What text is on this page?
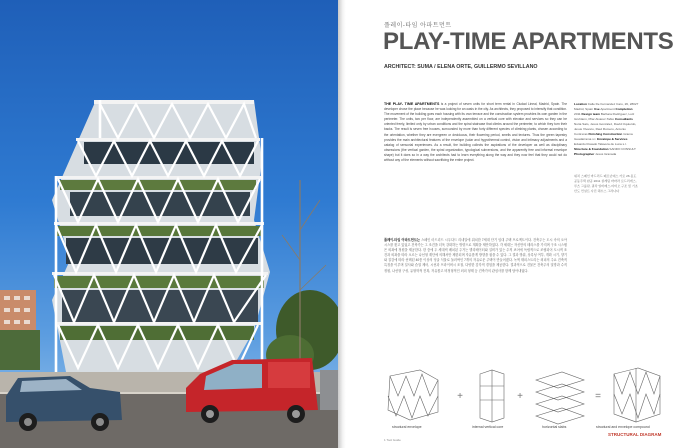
플레이-타임 아파트먼트
PLAY-TIME APARTMENTS
ARCHITECT: SUMA / ELENA ORTE, GUILLERMO SEVILLANO
THE PLAY- TIME APARTMENTS is a project of seven units for short term rental in Ciudad Lineal, Madrid, Spain. The developer chose the place because he was looking for an oasis in the city. As architects, they proposed to intensify that condition. The movement of the building goes each housing with its own terrace and the construction system provides its own garden in the perimeter. The units, two per floor, are independently assembled on a vertical core with elevator and services so they can be oriented freely, limited only by urban conditions and the spiral staircase that climbs around the perimeter, to which they turn their backs. The result is seven free houses, surrounded by more than forty different species of climbing plants, chosen according to the orientation, whether they are evergreen or deciduous, their flowering period, smells and textures. Thus the green tapestry provides the main architectural features of the envelope (solar and hygrothermal control, vision and intimacy adjustments and a catalog of sensorial experiences. As a result, the building collects the aspirations of the developer as well as disciplinary obsessions (the vertical garden, the spiral organization, typological subversions, and the apparently free and informal envelope shape) but it does so in a way the architects had to learn everything along the way and they now feel that they could not do without any of the elements without sacrificing the entire project.
플레이-타임 아파트먼트는 스페인 마드리드 시우다드 리네알에 위치한 7세대 단기 임대 주택 프로젝트이다. 건축주는 도시 속의 오아시스를 찾고 있었고 건축가는 그 조건을 더욱 강화하는 방향으로 계획을 제안하였다. 각 세대는 자신만의 테라스를 가지며 구조 시스템은 외곽에 정원을 제공한다. 한 층에 두 세대씩 배치된 주거는 엘리베이터와 설비가 있는 수직 코어에 독립적으로 조립되어 도시적 조건과 외곽을 따라 오르는 나선형 계단에 의해서만 제한되며 자유롭게 방향을 잡을 수 있다. 그 결과 방위, 상록성 여부, 개화 시기, 향기와 질감에 따라 선택된 40종 이상의 덩굴 식물로 둘러싸인 7개의 자유로운 주택이 만들어졌다. 녹색 태피스트리는 외피의 주요 건축적 특징을 이루며 일사와 습열 제어, 시선과 프라이버시 조절, 다양한 감각적 경험을 제공한다. 결과적으로 건물은 건축주의 열망과 수직 정원, 나선형 구성, 유형학적 전복, 자유롭고 비정형적인 외피 형태 등 건축가의 관심사를 함께 담아내었다.
Location Calle De Fernandez Caro, 26, 28027 Madrid, Spain Use Apartment Completion 2011 Design team Barbara Rodriguez, Lutz Gruhlann, Pilar Alvarez-Tabio Consultants Nuria Salo, Jesus Gonzalez, David Izquierdo, Jesus Vivanco, Raul Romero, Antonio Contreras Finishing Construction Grama Guadarrama s.l. Envelope & Services Eduardo Rosado Talavera de Luna s.l. Structure & Foundation SANDO CONSULT Photographer Jesus Granada
위치 스페인 마드리드 페르난데스 카로 26 용도 공동주택 완공 2011 설계팀 바바라 로드리게스, 루츠 그룰란, 필라 알바레스-타비오 구조 및 기초 산도 컨설트 사진 헤수스 그라나다
+	+	=
structural envelope	internal vertical core	horizontal slabs	structural and envelope compound
STRUCTURAL DIAGRAM
1 Tool Guide
